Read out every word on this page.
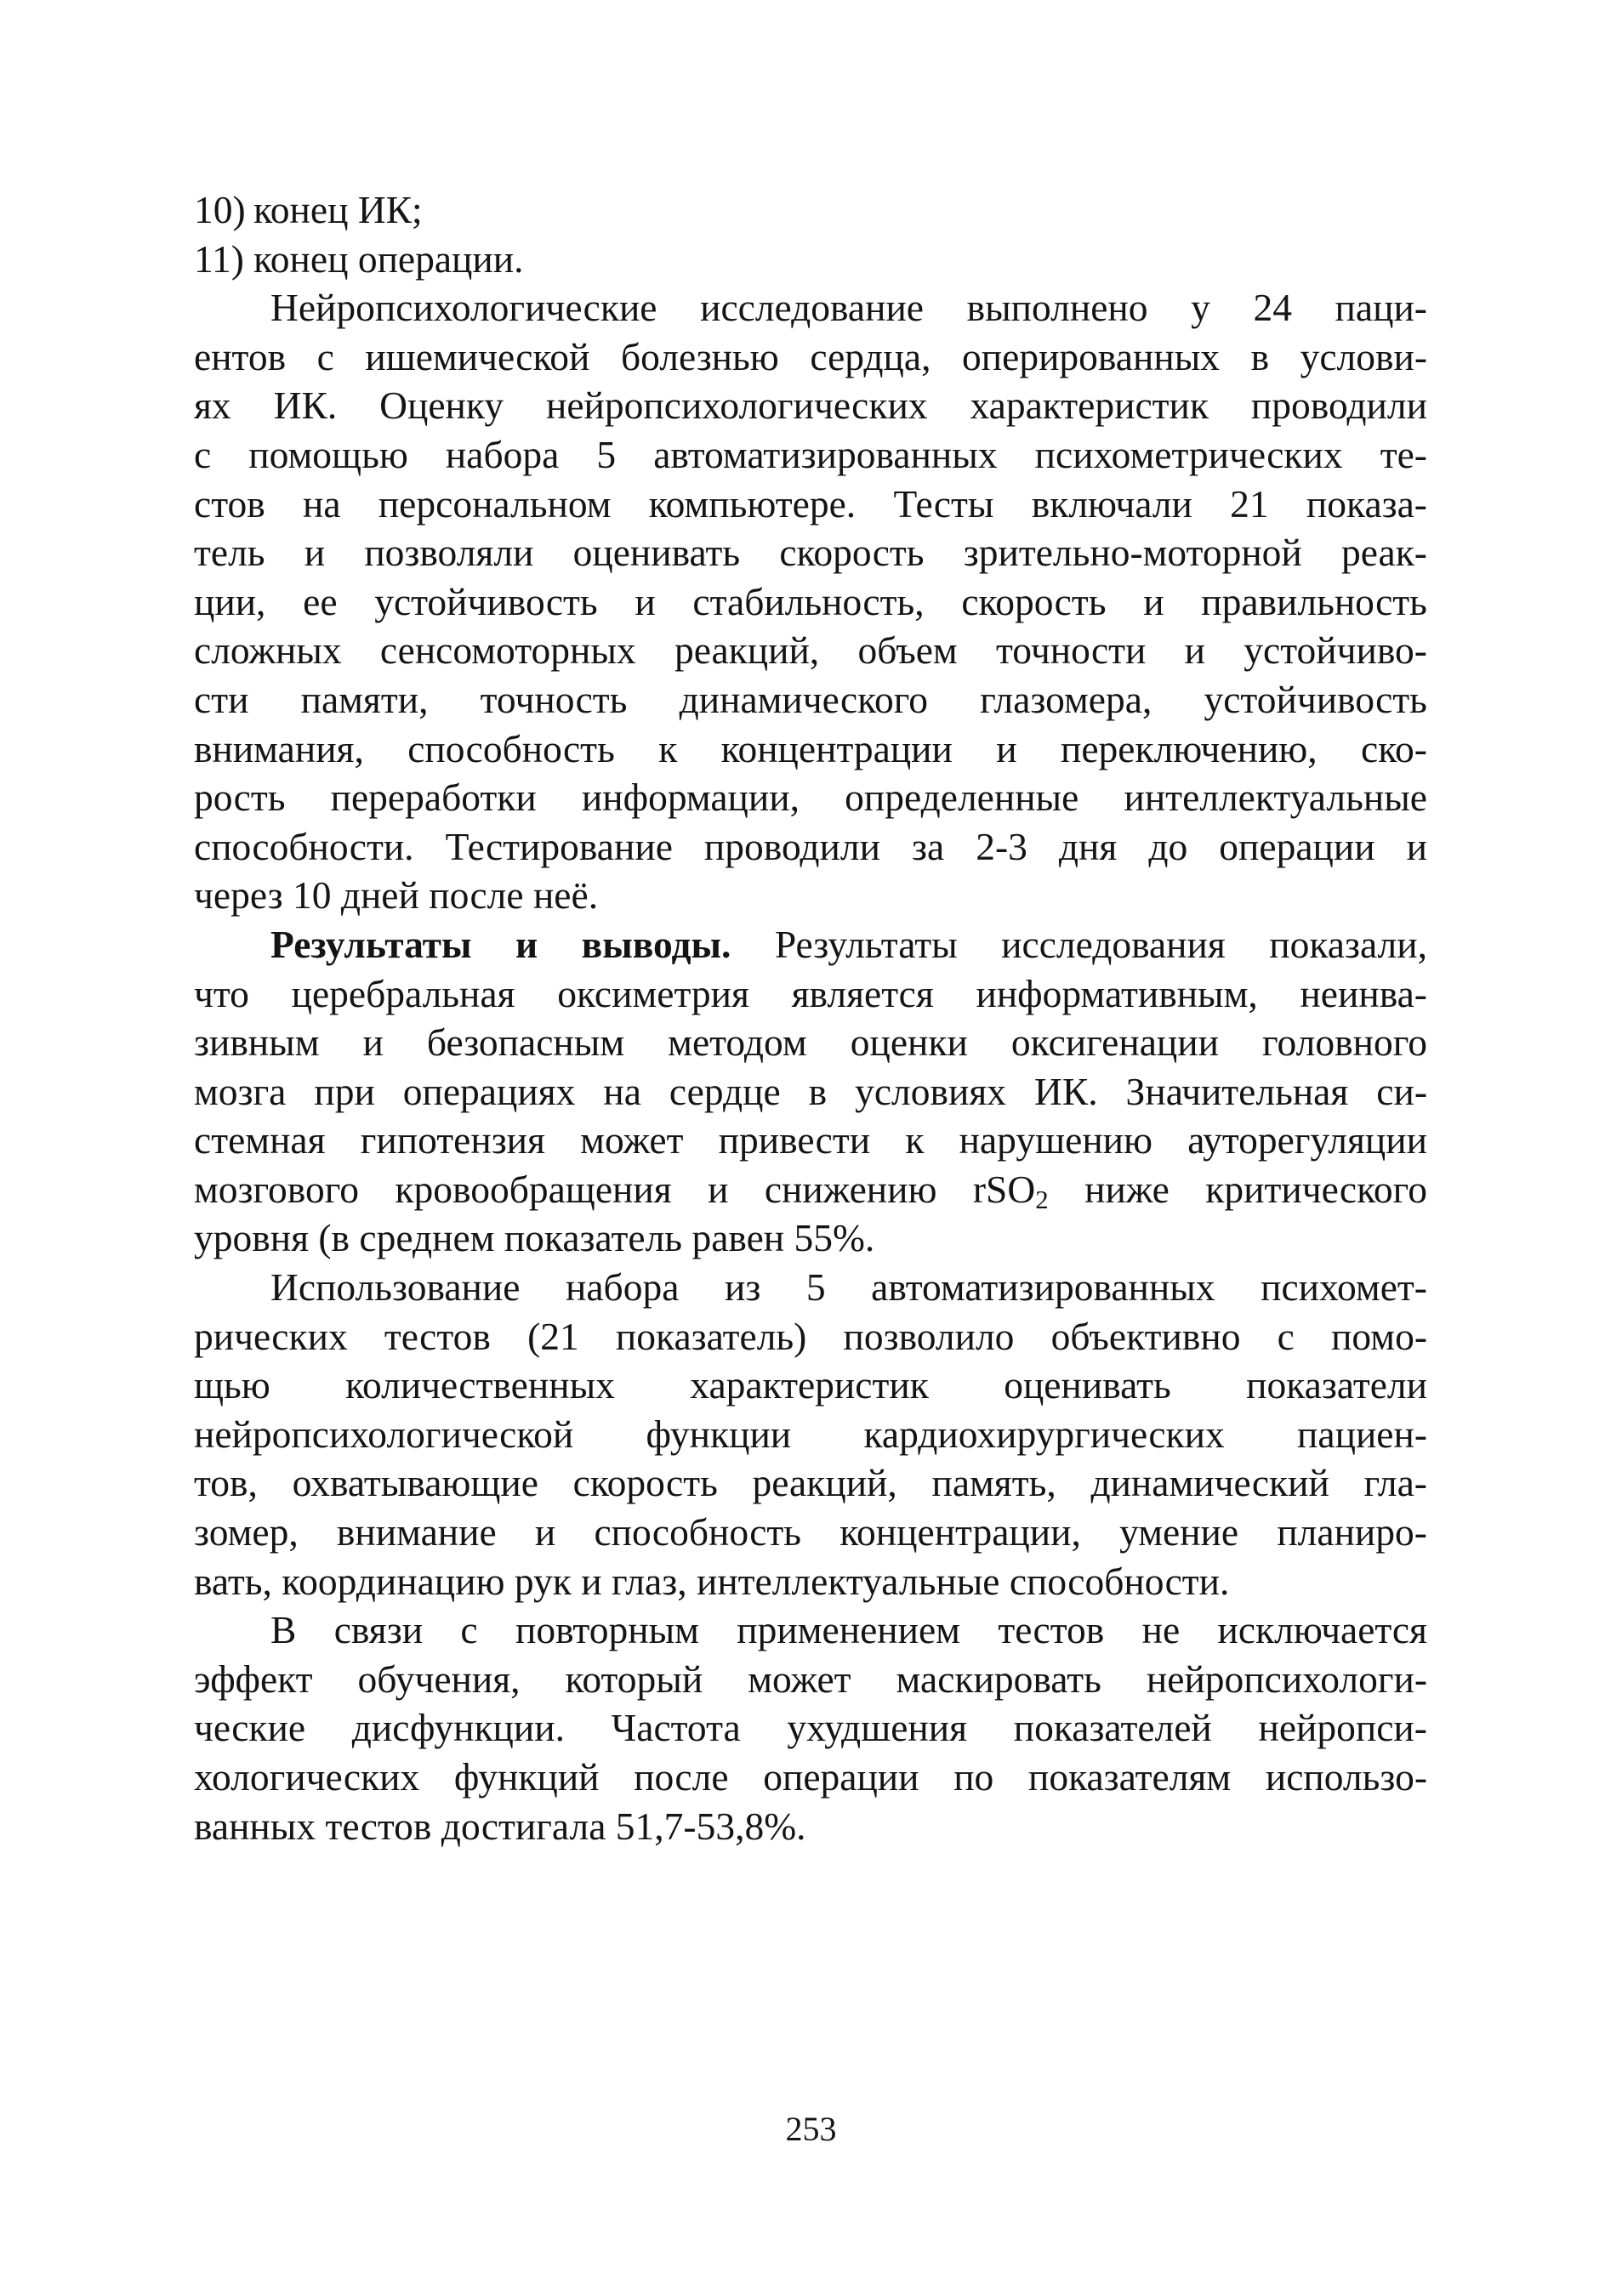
10) конец ИК;
11) конец операции.
Нейропсихологические исследование выполнено у 24 паци-
ентов с ишемической болезнью сердца, оперированных в услови-
ях ИК. Оценку нейропсихологических характеристик проводили
с помощью набора 5 автоматизированных психометрических те-
стов на персональном компьютере. Тесты включали 21 показа-
тель и позволяли оценивать скорость зрительно-моторной реак-
ции, ее устойчивость и стабильность, скорость и правильность
сложных сенсомоторных реакций, объем точности и устойчиво-
сти памяти, точность динамического глазомера, устойчивость
внимания, способность к концентрации и переключению, ско-
рость переработки информации, определенные интеллектуальные
способности. Тестирование проводили за 2-3 дня до операции и
через 10 дней после неё.
Результаты и выводы. Результаты исследования показали,
что церебральная оксиметрия является информативным, неинва-
зивным и безопасным методом оценки оксигенации головного
мозга при операциях на сердце в условиях ИК. Значительная си-
стемная гипотензия может привести к нарушению ауторегуляции
мозгового кровообращения и снижению rSO$_2$ ниже критического
уровня (в среднем показатель равен 55%.
Использование набора из 5 автоматизированных психомет-
рических тестов (21 показатель) позволило объективно с помо-
щью количественных характеристик оценивать показатели
нейропсихологической функции кардиохирургических пациен-
тов, охватывающие скорость реакций, память, динамический гла-
зомер, внимание и способность концентрации, умение планиро-
вать, координацию рук и глаз, интеллектуальные способности.
В связи с повторным применением тестов не исключается
эффект обучения, который может маскировать нейропсихологи-
ческие дисфункции. Частота ухудшения показателей нейропси-
хологических функций после операции по показателям использо-
ванных тестов достигала 51,7-53,8%.
253
